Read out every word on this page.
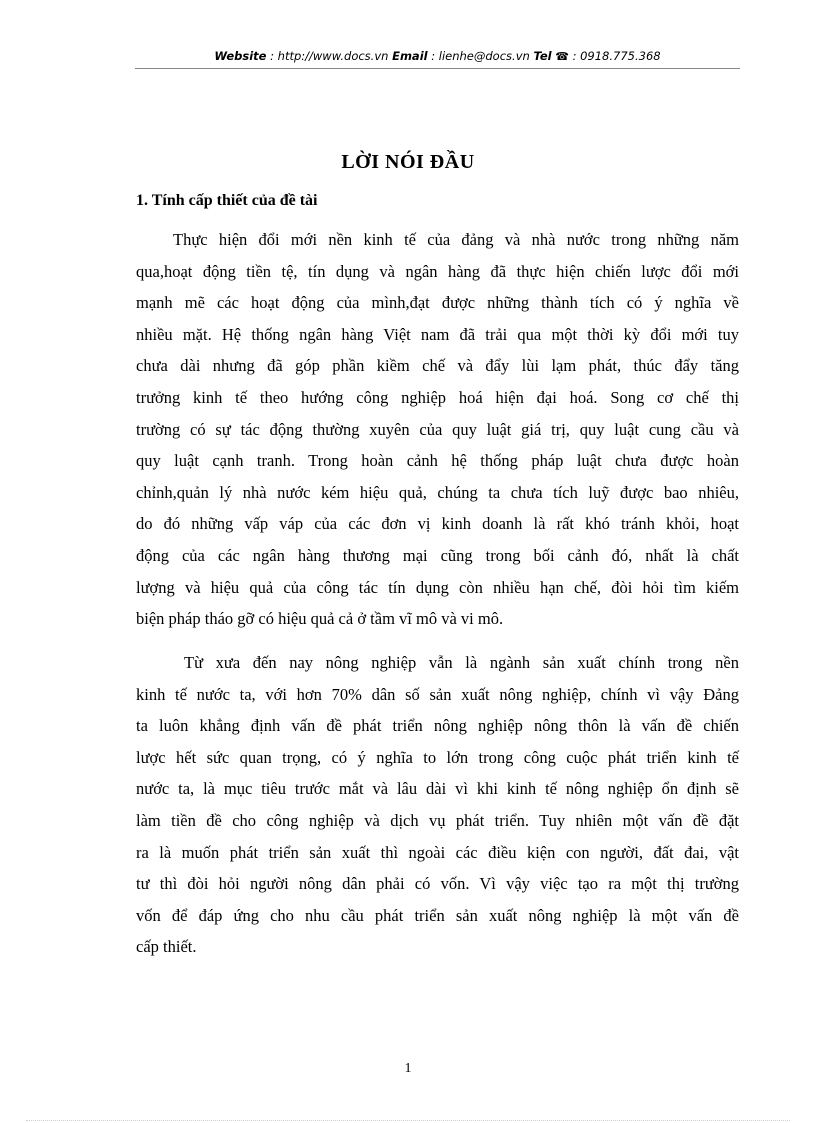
Website : http://www.docs.vn Email : lienhe@docs.vn Tel ☎ : 0918.775.368
LỜI NÓI ĐẦU
1. Tính cấp thiết của đề tài
Thực hiện đổi mới nền kinh tế của đảng và nhà nước trong những năm
qua,hoạt động tiền tệ, tín dụng và ngân hàng đã thực hiện chiến lược đổi mới
mạnh mẽ các hoạt động của mình,đạt được những thành tích có ý nghĩa về
nhiều mặt. Hệ thống ngân hàng Việt nam đã trải qua một thời kỳ đổi mới tuy
chưa dài nhưng đã góp phần kiềm chế và đẩy lùi lạm phát, thúc đẩy tăng
trưởng kinh tế theo hướng công nghiệp hoá hiện đại hoá. Song cơ chế thị
trường có sự tác động thường xuyên của quy luật giá trị, quy luật cung cầu và
quy luật cạnh tranh. Trong hoàn cảnh hệ thống pháp luật chưa được hoàn
chỉnh,quản lý nhà nước kém hiệu quả, chúng ta chưa tích luỹ được bao nhiêu,
do đó những vấp váp của các đơn vị kinh doanh là rất khó tránh khỏi, hoạt
động của các ngân hàng thương mại cũng trong bối cảnh đó, nhất là chất
lượng và hiệu quả của công tác tín dụng còn nhiều hạn chế, đòi hỏi tìm kiếm
biện pháp tháo gỡ có hiệu quả cả ở tầm vĩ mô và vi mô.
Từ xưa đến nay nông nghiệp vẫn là ngành sản xuất chính trong nền
kinh tế nước ta, với hơn 70% dân số sản xuất nông nghiệp, chính vì vậy Đảng
ta luôn khẳng định vấn đề phát triển nông nghiệp nông thôn là vấn đề chiến
lược hết sức quan trọng, có ý nghĩa to lớn trong công cuộc phát triển kinh tế
nước ta, là mục tiêu trước mắt và lâu dài vì khi kinh tế nông nghiệp ổn định sẽ
làm tiền đề cho công nghiệp và dịch vụ phát triển. Tuy nhiên một vấn đề đặt
ra là muốn phát triển sản xuất thì ngoài các điều kiện con người, đất đai, vật
tư thì đòi hỏi người nông dân phải có vốn. Vì vậy việc tạo ra một thị trường
vốn để đáp ứng cho nhu cầu phát triển sản xuất nông nghiệp là một vấn đề
cấp thiết.
1
